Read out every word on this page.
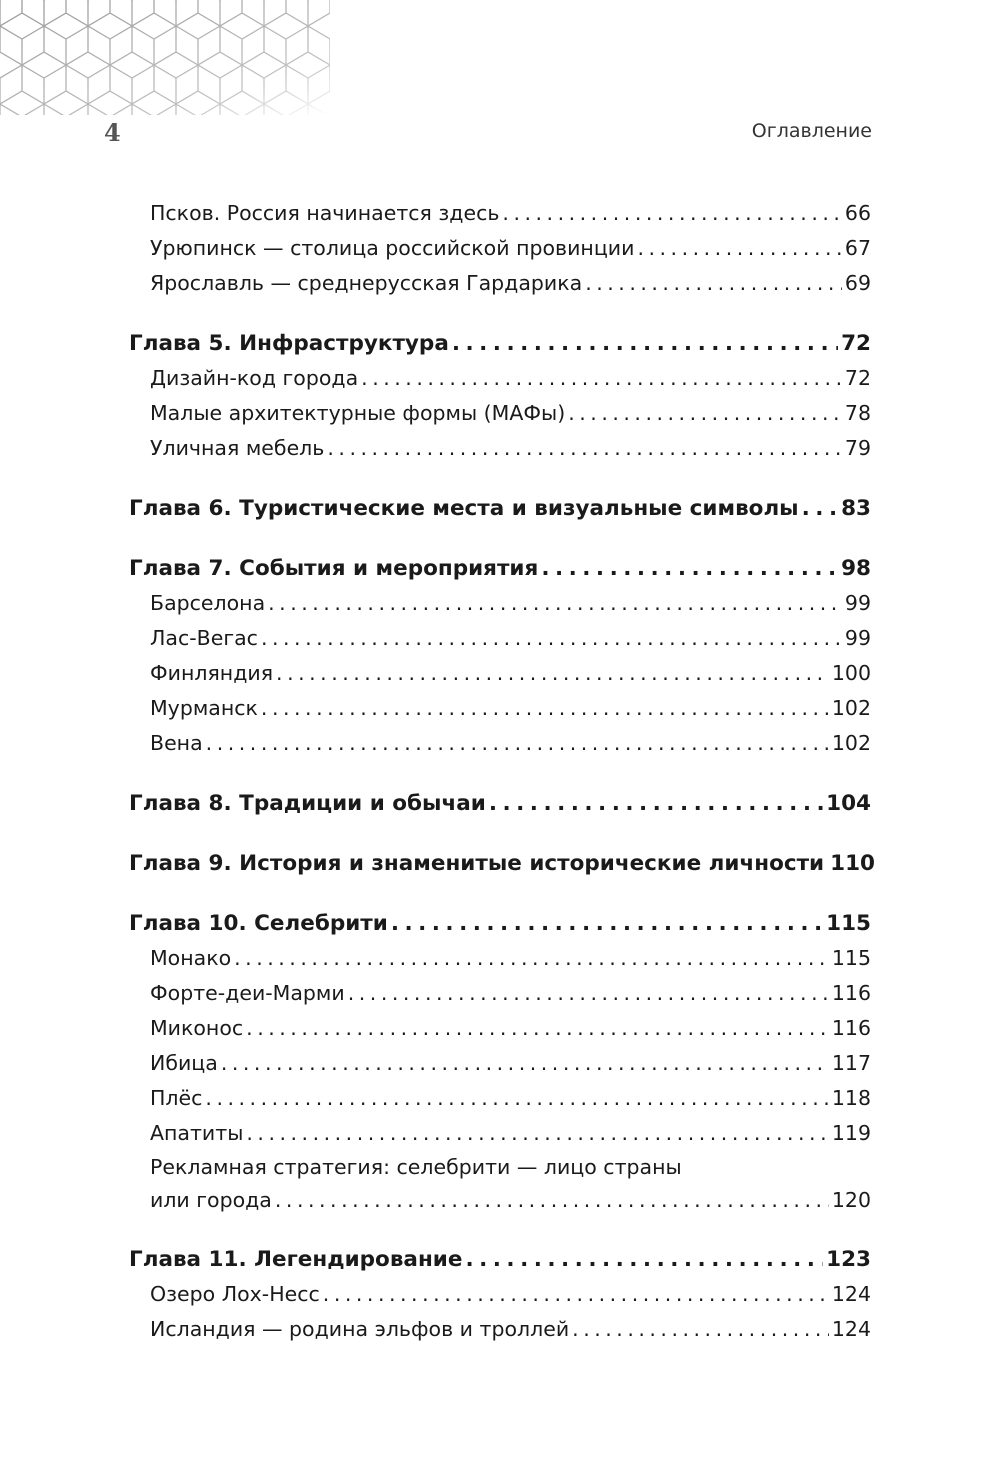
4	Оглавление
Псков. Россия начинается здесь . . .	66
Урюпинск — столица российской провинции . . .	67
Ярославль — среднерусская Гардарика . . .	69
Глава 5. Инфраструктура . . .	72
Дизайн-код города . . .	72
Малые архитектурные формы (МАФы) . . .	78
Уличная мебель . . .	79
Глава 6. Туристические места и визуальные символы . . . 83
Глава 7. События и мероприятия . . .	98
Барселона . . .	99
Лас-Вегас . . .	99
Финляндия . . .	100
Мурманск . . .	102
Вена . . .	102
Глава 8. Традиции и обычаи . . .	104
Глава 9. История и знаменитые исторические личности 110
Глава 10. Селебрити . . .	115
Монако . . .	115
Форте-деи-Марми . . .	116
Миконос . . .	116
Ибица . . .	117
Плёс . . .	118
Апатиты . . .	119
Рекламная стратегия: селебрити — лицо страны
или города . . .	120
Глава 11. Легендирование . . .	123
Озеро Лох-Несс . . .	124
Исландия — родина эльфов и троллей . . .	124
